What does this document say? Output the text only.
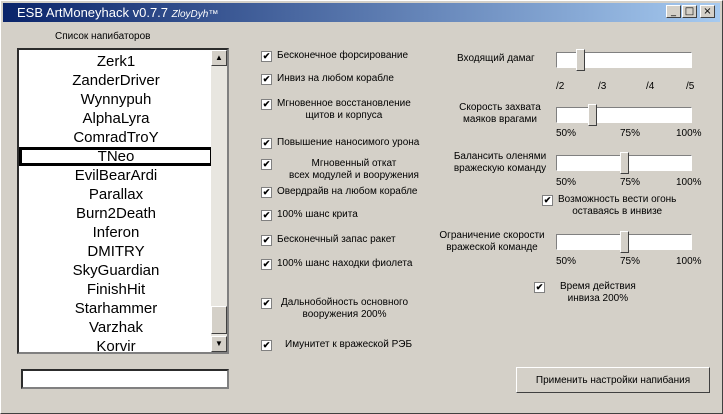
ESB ArtMoneyhack v0.7.7 ZloyDyh™	_ □ ×
Список напибаторов
Zerk1
ZanderDriver
Wynnypuh
AlphaLyra
ComradTroY
TNeo
EvilBearArdi
Parallax
Burn2Death
Inferon
DMITRY
SkyGuardian
FinishHit
Starhammer
Varzhak
Korvir
▲
▼
✔ Бесконечное форсирование
✔ Инвиз на любом корабле
✔ Мгновенное восстановление
щитов и корпуса
✔ Повышение наносимого урона
✔	Мгновенный откат
всех модулей и вооружения
✔ Овердрайв на любом корабле
✔ 100% шанс крита
✔ Бесконечный запас ракет
✔ 100% шанс находки фиолета
✔	Дальнобойность основного
вооружения 200%
✔	Имунитет к вражеской РЭБ
Входящий дамаг
/2	/3	/4	/5
Скорость захвата
маяков врагами
50%	75%	100%
Балансить оленями
вражескую команду
50%	75%	100%
✔ Возможность вести огонь
оставаясь в инвизе
Ограничение скорости
вражеской команде
50%	75%	100%
✔	Время действия
инвиза 200%
Применить настройки напибания
